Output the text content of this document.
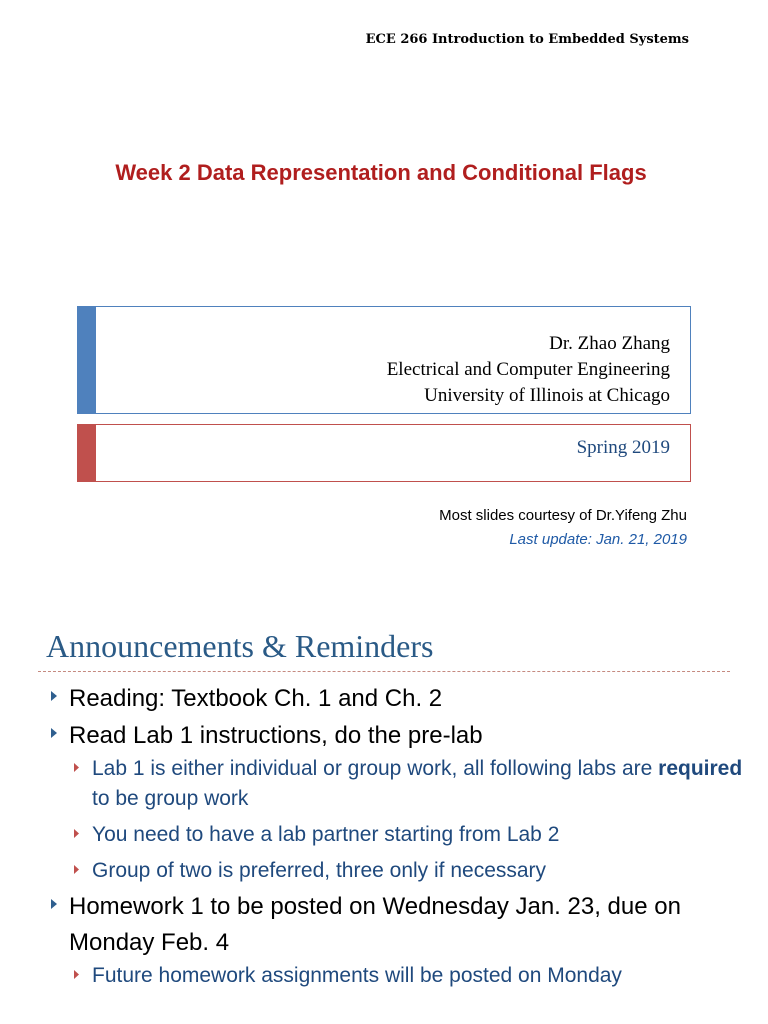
ECE 266 Introduction to Embedded Systems
Week 2 Data Representation and Conditional Flags
Dr. Zhao Zhang
Electrical and Computer Engineering
University of Illinois at Chicago
Spring 2019
Most slides courtesy of Dr.Yifeng Zhu
Last update: Jan. 21, 2019
Announcements & Reminders
Reading: Textbook Ch. 1 and Ch. 2
Read Lab 1 instructions, do the pre-lab
Lab 1 is either individual or group work, all following labs are required to be group work
You need to have a lab partner starting from Lab 2
Group of two is preferred, three only if necessary
Homework 1 to be posted on Wednesday Jan. 23, due on Monday Feb. 4
Future homework assignments will be posted on Monday
